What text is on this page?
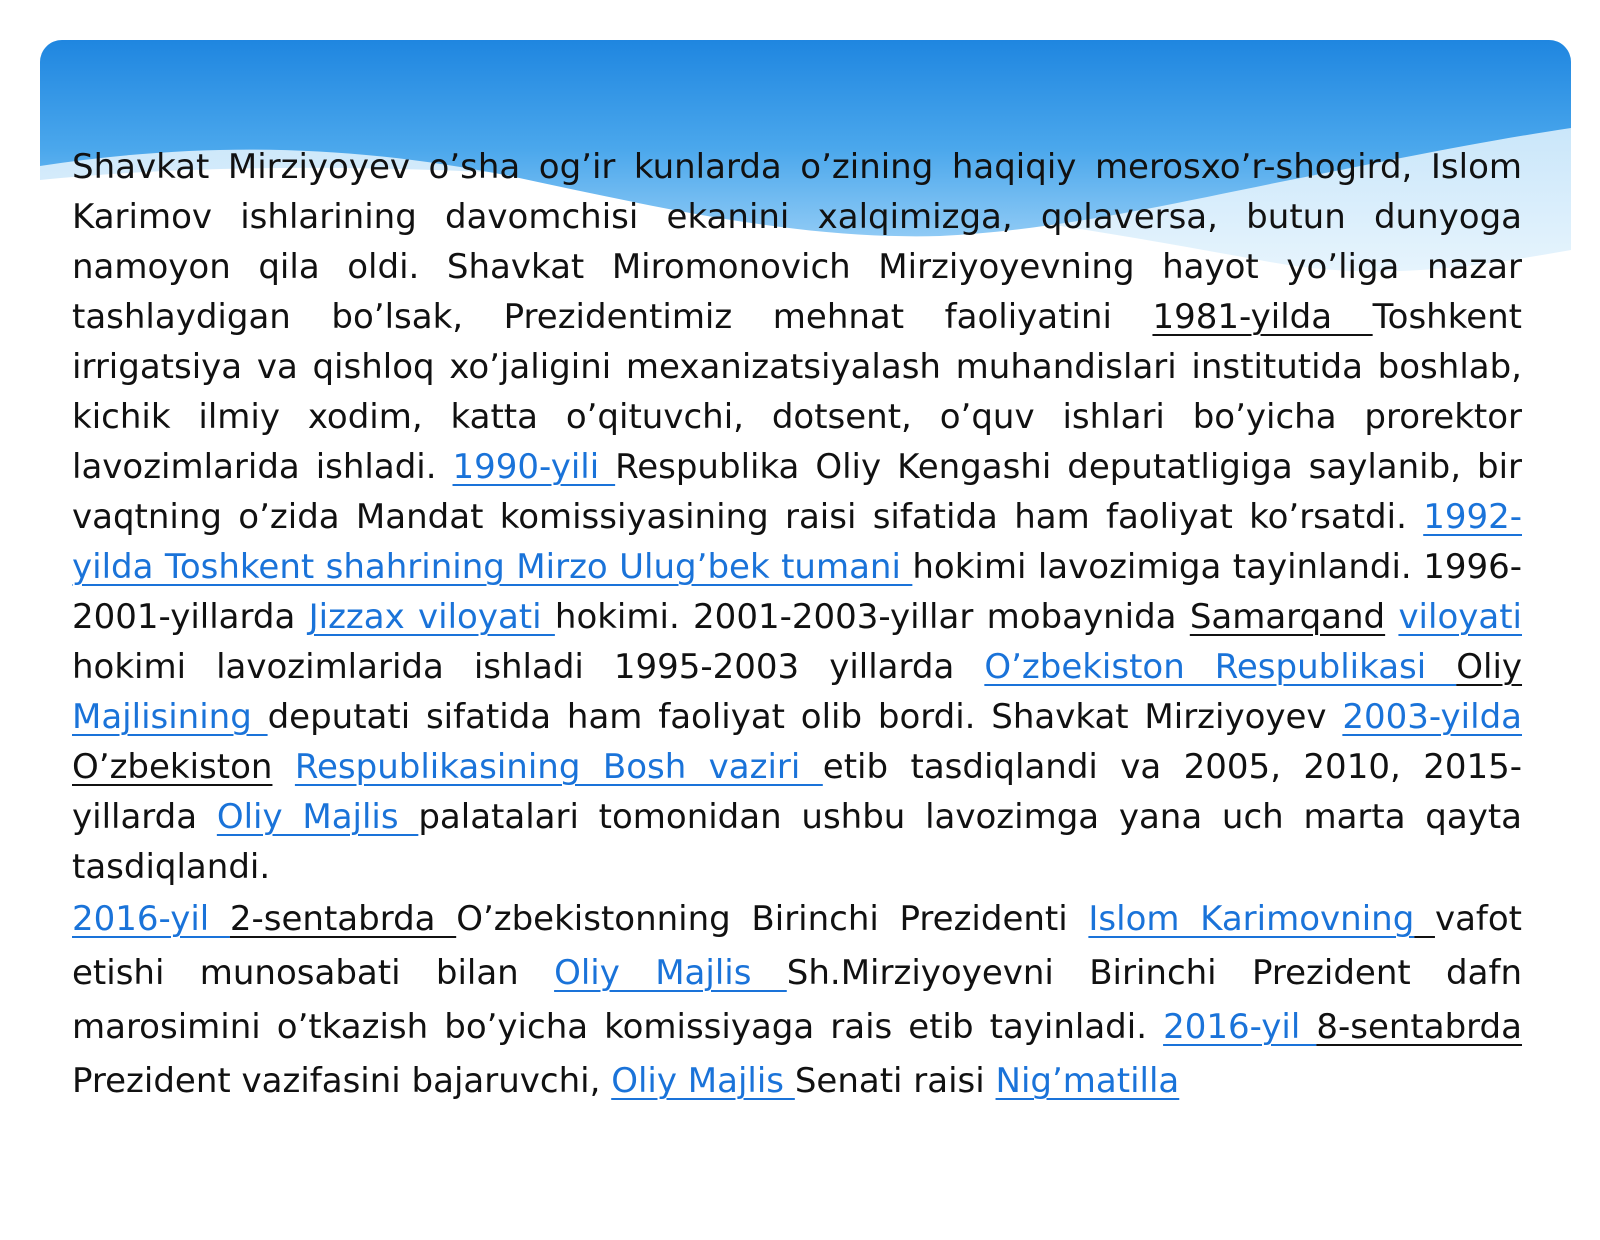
Shavkat Mirziyoyev o’sha og’ir kunlarda o’zining haqiqiy merosxo’r-shogird, Islom Karimov ishlarining davomchisi ekanini xalqimizga, qolaversa, butun dunyoga namoyon qila oldi. Shavkat Miromonovich Mirziyoyevning hayot yo’liga nazar tashlaydigan bo’lsak, Prezidentimiz mehnat faoliyatini 1981-yilda Toshkent irrigatsiya va qishloq xo’jaligini mexanizatsiyalash muhandislari institutida boshlab, kichik ilmiy xodim, katta o’qituvchi, dotsent, o’quv ishlari bo’yicha prorektor lavozimlarida ishladi. 1990-yili Respublika Oliy Kengashi deputatligiga saylanib, bir vaqtning o’zida Mandat komissiyasining raisi sifatida ham faoliyat ko’rsatdi. 1992-yilda Toshkent shahrining Mirzo Ulug’bek tumani hokimi lavozimiga tayinlandi. 1996-2001-yillarda Jizzax viloyati hokimi. 2001-2003-yillar mobaynida Samarqand viloyati hokimi lavozimlarida ishladi 1995-2003 yillarda O’zbekiston Respublikasi Oliy Majlisining deputati sifatida ham faoliyat olib bordi. Shavkat Mirziyoyev 2003-yilda O’zbekiston Respublikasining Bosh vaziri etib tasdiqlandi va 2005, 2010, 2015-yillarda Oliy Majlis palatalari tomonidan ushbu lavozimga yana uch marta qayta tasdiqlandi.

2016-yil 2-sentabrda O’zbekistonning Birinchi Prezidenti Islom Karimovning vafot etishi munosabati bilan Oliy Majlis Sh.Mirziyoyevni Birinchi Prezident dafn marosimini o’tkazish bo’yicha komissiyaga rais etib tayinladi. 2016-yil 8-sentabrda Prezident vazifasini bajaruvchi, Oliy Majlis Senati raisi Nig’matilla
